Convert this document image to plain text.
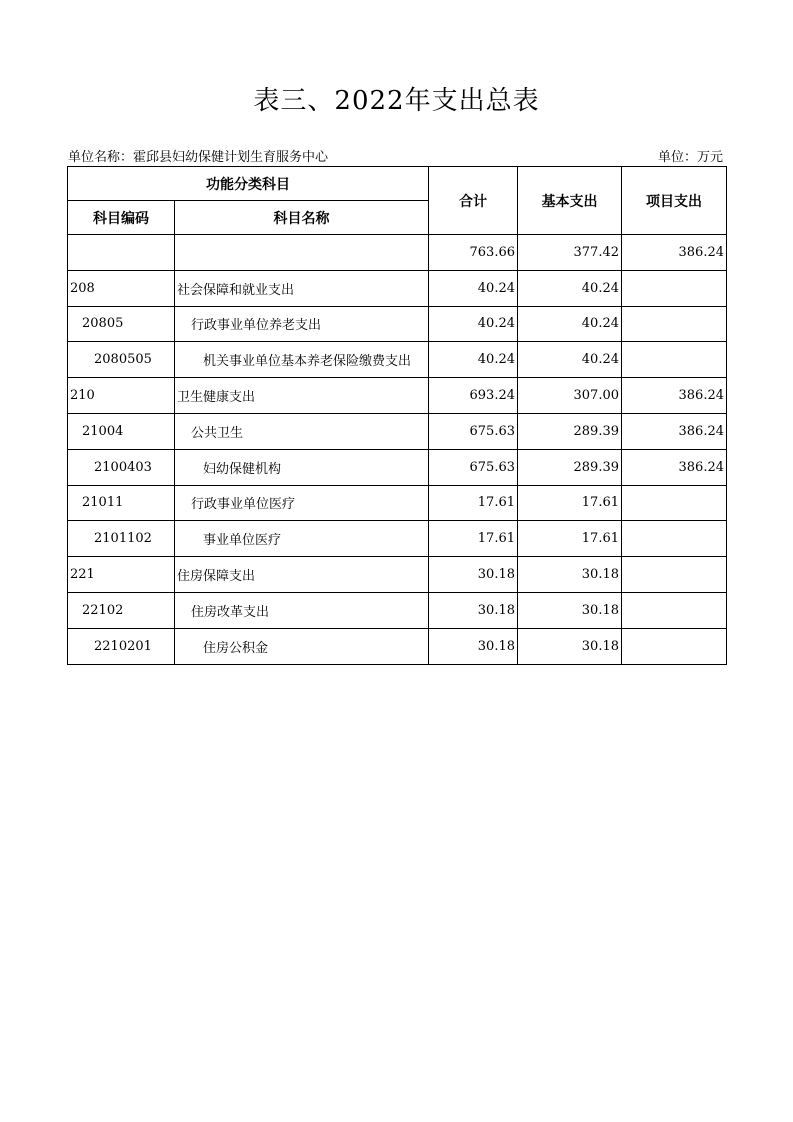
表三、2022年支出总表
单位名称：霍邱县妇幼保健计划生育服务中心	单位：万元
功能分类科目		合计	基本支出	项目支出
科目编码	科目名称			
		763.66	377.42	386.24
208	社会保障和就业支出	40.24	40.24	
20805	行政事业单位养老支出	40.24	40.24	
2080505	机关事业单位基本养老保险缴费支出	40.24	40.24	
210	卫生健康支出	693.24	307.00	386.24
21004	公共卫生	675.63	289.39	386.24
2100403	妇幼保健机构	675.63	289.39	386.24
21011	行政事业单位医疗	17.61	17.61	
2101102	事业单位医疗	17.61	17.61	
221	住房保障支出	30.18	30.18	
22102	住房改革支出	30.18	30.18	
2210201	住房公积金	30.18	30.18	
